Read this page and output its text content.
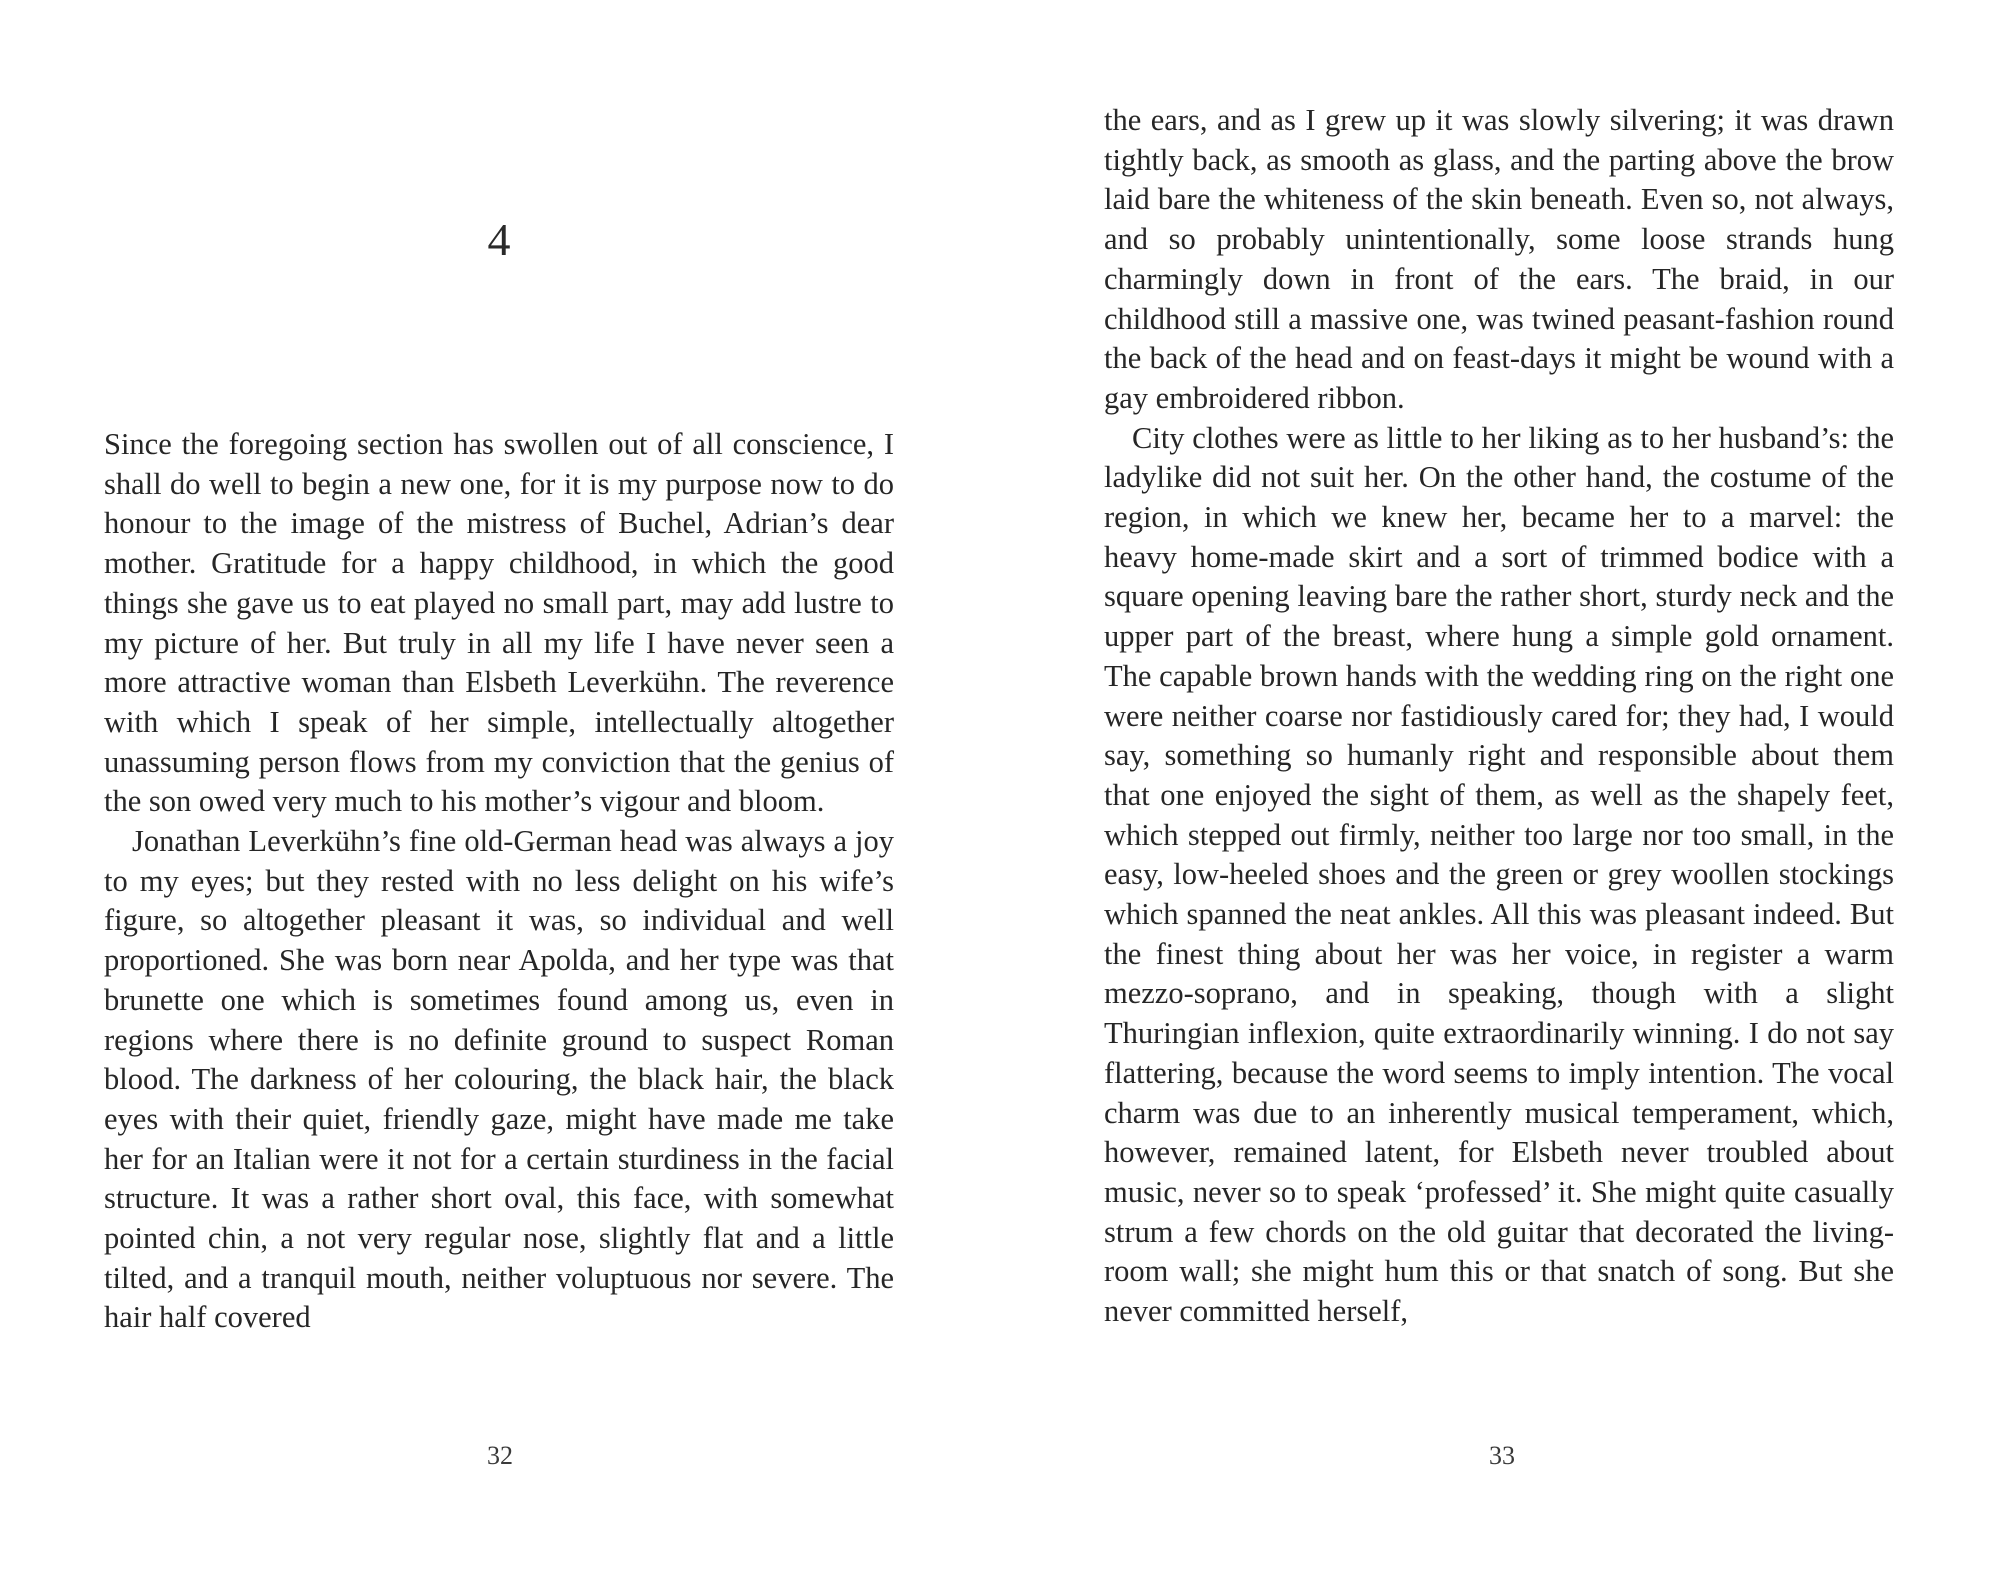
4

Since the foregoing section has swollen out of all conscience, I shall do well to begin a new one, for it is my purpose now to do honour to the image of the mistress of Buchel, Adrian’s dear mother. Gratitude for a happy childhood, in which the good things she gave us to eat played no small part, may add lustre to my picture of her. But truly in all my life I have never seen a more attractive woman than Elsbeth Leverkühn. The reverence with which I speak of her simple, intellectually altogether unassuming person flows from my conviction that the genius of the son owed very much to his mother’s vigour and bloom.

Jonathan Leverkühn’s fine old-German head was always a joy to my eyes; but they rested with no less delight on his wife’s figure, so altogether pleasant it was, so individual and well proportioned. She was born near Apolda, and her type was that brunette one which is sometimes found among us, even in regions where there is no definite ground to suspect Roman blood. The darkness of her colouring, the black hair, the black eyes with their quiet, friendly gaze, might have made me take her for an Italian were it not for a certain sturdiness in the facial structure. It was a rather short oval, this face, with somewhat pointed chin, a not very regular nose, slightly flat and a little tilted, and a tranquil mouth, neither voluptuous nor severe. The hair half covered

32

the ears, and as I grew up it was slowly silvering; it was drawn tightly back, as smooth as glass, and the parting above the brow laid bare the whiteness of the skin beneath. Even so, not always, and so probably unintentionally, some loose strands hung charmingly down in front of the ears. The braid, in our childhood still a massive one, was twined peasant-fashion round the back of the head and on feast-days it might be wound with a gay embroidered ribbon.

City clothes were as little to her liking as to her husband’s: the ladylike did not suit her. On the other hand, the costume of the region, in which we knew her, became her to a marvel: the heavy home-made skirt and a sort of trimmed bodice with a square opening leaving bare the rather short, sturdy neck and the upper part of the breast, where hung a simple gold ornament. The capable brown hands with the wedding ring on the right one were neither coarse nor fastidiously cared for; they had, I would say, something so humanly right and responsible about them that one enjoyed the sight of them, as well as the shapely feet, which stepped out firmly, neither too large nor too small, in the easy, low-heeled shoes and the green or grey woollen stockings which spanned the neat ankles. All this was pleasant indeed. But the finest thing about her was her voice, in register a warm mezzo-soprano, and in speaking, though with a slight Thuringian inflexion, quite extraordinarily winning. I do not say flattering, because the word seems to imply intention. The vocal charm was due to an inherently musical temperament, which, however, remained latent, for Elsbeth never troubled about music, never so to speak ‘professed’ it. She might quite casually strum a few chords on the old guitar that decorated the living-room wall; she might hum this or that snatch of song. But she never committed herself,

33
